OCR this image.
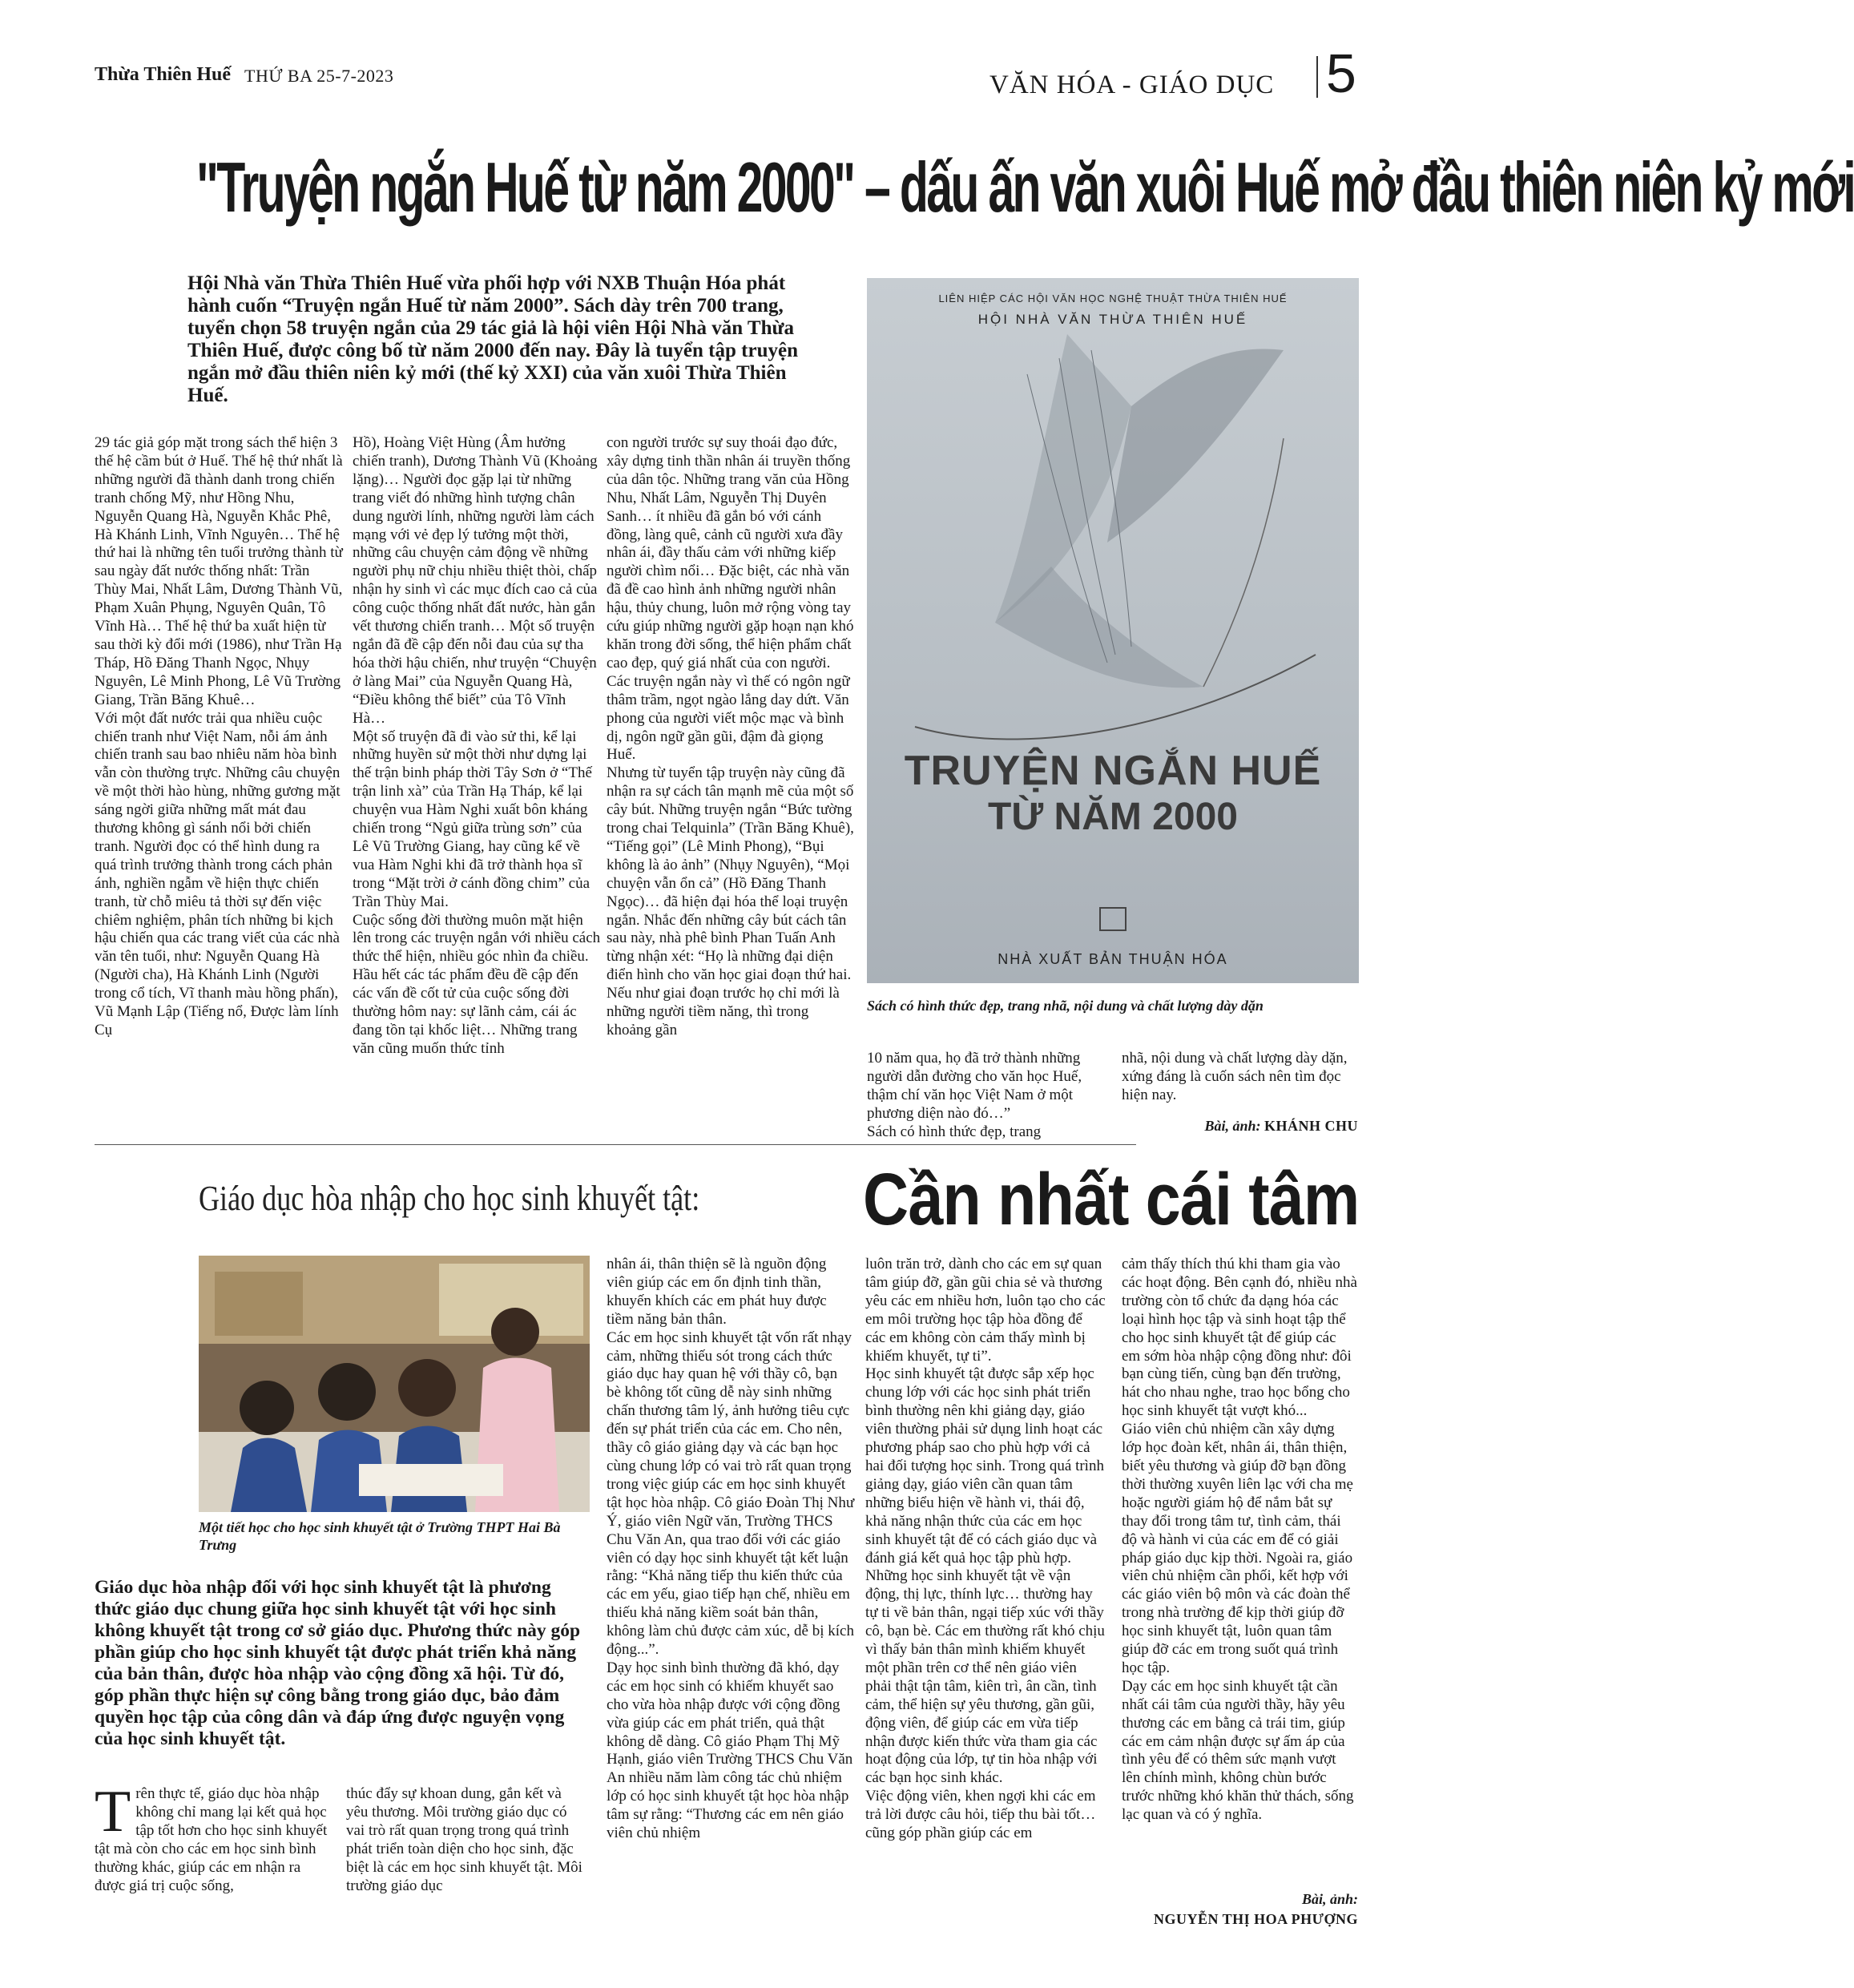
Thừa Thiên Huế THỨ BA 25-7-2023	VĂN HÓA - GIÁO DỤC 5
"Truyện ngắn Huế từ năm 2000" – dấu ấn văn xuôi Huế mở đầu thiên niên kỷ mới
Hội Nhà văn Thừa Thiên Huế vừa phối hợp với NXB Thuận Hóa phát hành cuốn “Truyện ngắn Huế từ năm 2000”. Sách dày trên 700 trang, tuyển chọn 58 truyện ngắn của 29 tác giả là hội viên Hội Nhà văn Thừa Thiên Huế, được công bố từ năm 2000 đến nay. Đây là tuyển tập truyện ngắn mở đầu thiên niên kỷ mới (thế kỷ XXI) của văn xuôi Thừa Thiên Huế.
29 tác giả góp mặt trong sách thể hiện 3 thế hệ cầm bút ở Huế. Thế hệ thứ nhất là những người đã thành danh trong chiến tranh chống Mỹ, như Hồng Nhu, Nguyễn Quang Hà, Nguyễn Khắc Phê, Hà Khánh Linh, Vĩnh Nguyên… Thế hệ thứ hai là những tên tuổi trưởng thành từ sau ngày đất nước thống nhất: Trần Thùy Mai, Nhất Lâm, Dương Thành Vũ, Phạm Xuân Phụng, Nguyên Quân, Tô Vĩnh Hà… Thế hệ thứ ba xuất hiện từ sau thời kỳ đổi mới (1986), như Trần Hạ Tháp, Hồ Đăng Thanh Ngọc, Nhụy Nguyên, Lê Minh Phong, Lê Vũ Trường Giang, Trần Băng Khuê…
Với một đất nước trải qua nhiều cuộc chiến tranh như Việt Nam, nỗi ám ảnh chiến tranh sau bao nhiêu năm hòa bình vẫn còn thường trực. Những câu chuyện về một thời hào hùng, những gương mặt sáng ngời giữa những mất mát đau thương không gì sánh nổi bởi chiến tranh. Người đọc có thể hình dung ra quá trình trưởng thành trong cách phản ánh, nghiền ngẫm về hiện thực chiến tranh, từ chỗ miêu tả thời sự đến việc chiêm nghiệm, phân tích những bi kịch hậu chiến qua các trang viết của các nhà văn tên tuổi, như: Nguyễn Quang Hà (Người cha), Hà Khánh Linh (Người trong cổ tích, Vĩ thanh màu hồng phấn), Vũ Mạnh Lập (Tiếng nổ, Được làm lính Cụ
Hồ), Hoàng Việt Hùng (Âm hưởng chiến tranh), Dương Thành Vũ (Khoảng lặng)… Người đọc gặp lại từ những trang viết đó những hình tượng chân dung người lính, những người làm cách mạng với vẻ đẹp lý tưởng một thời, những câu chuyện cảm động về những người phụ nữ chịu nhiều thiệt thòi, chấp nhận hy sinh vì các mục đích cao cả của công cuộc thống nhất đất nước, hàn gắn vết thương chiến tranh… Một số truyện ngắn đã đề cập đến nỗi đau của sự tha hóa thời hậu chiến, như truyện “Chuyện ở làng Mai” của Nguyễn Quang Hà, “Điều không thể biết” của Tô Vĩnh Hà…
Một số truyện đã đi vào sử thi, kể lại những huyền sử một thời như dựng lại thế trận binh pháp thời Tây Sơn ở “Thế trận linh xà” của Trần Hạ Tháp, kể lại chuyện vua Hàm Nghi xuất bôn kháng chiến trong “Ngủ giữa trùng sơn” của Lê Vũ Trường Giang, hay cũng kể về vua Hàm Nghi khi đã trở thành họa sĩ trong “Mặt trời ở cánh đồng chim” của Trần Thùy Mai.
Cuộc sống đời thường muôn mặt hiện lên trong các truyện ngắn với nhiều cách thức thể hiện, nhiều góc nhìn đa chiều. Hầu hết các tác phẩm đều đề cập đến các vấn đề cốt tử của cuộc sống đời thường hôm nay: sự lãnh cảm, cái ác đang tồn tại khốc liệt… Những trang văn cũng muốn thức tỉnh
con người trước sự suy thoái đạo đức, xây dựng tinh thần nhân ái truyền thống của dân tộc. Những trang văn của Hồng Nhu, Nhất Lâm, Nguyễn Thị Duyên Sanh… ít nhiều đã gắn bó với cánh đồng, làng quê, cảnh cũ người xưa đầy nhân ái, đầy thấu cảm với những kiếp người chìm nổi… Đặc biệt, các nhà văn đã đề cao hình ảnh những người nhân hậu, thủy chung, luôn mở rộng vòng tay cứu giúp những người gặp hoạn nạn khó khăn trong đời sống, thể hiện phẩm chất cao đẹp, quý giá nhất của con người. Các truyện ngắn này vì thế có ngôn ngữ thâm trầm, ngọt ngào lắng day dứt. Văn phong của người viết mộc mạc và bình dị, ngôn ngữ gần gũi, đậm đà giọng Huế.
Nhưng từ tuyển tập truyện này cũng đã nhận ra sự cách tân mạnh mẽ của một số cây bút. Những truyện ngắn “Bức tường trong chai Telquinla” (Trần Băng Khuê), “Tiếng gọi” (Lê Minh Phong), “Bụi không là ảo ảnh” (Nhụy Nguyên), “Mọi chuyện vẫn ổn cả” (Hồ Đăng Thanh Ngọc)… đã hiện đại hóa thể loại truyện ngắn. Nhắc đến những cây bút cách tân sau này, nhà phê bình Phan Tuấn Anh từng nhận xét: “Họ là những đại diện điển hình cho văn học giai đoạn thứ hai. Nếu như giai đoạn trước họ chỉ mới là những người tiềm năng, thì trong khoảng gần
LIÊN HIỆP CÁC HỘI VĂN HỌC NGHỆ THUẬT THỪA THIÊN HUẾ
HỘI NHÀ VĂN THỪA THIÊN HUẾ
TRUYỆN NGẮN HUẾ
TỪ NĂM 2000
NHÀ XUẤT BẢN THUẬN HÓA
Sách có hình thức đẹp, trang nhã, nội dung và chất lượng dày dặn
10 năm qua, họ đã trở thành những người dẫn đường cho văn học Huế, thậm chí văn học Việt Nam ở một phương diện nào đó…”
Sách có hình thức đẹp, trang
nhã, nội dung và chất lượng dày dặn, xứng đáng là cuốn sách nên tìm đọc hiện nay.
Bài, ảnh: KHÁNH CHU
Giáo dục hòa nhập cho học sinh khuyết tật: Cần nhất cái tâm
Một tiết học cho học sinh khuyết tật ở Trường THPT Hai Bà Trưng
Giáo dục hòa nhập đối với học sinh khuyết tật là phương thức giáo dục chung giữa học sinh khuyết tật với học sinh không khuyết tật trong cơ sở giáo dục. Phương thức này góp phần giúp cho học sinh khuyết tật được phát triển khả năng của bản thân, được hòa nhập vào cộng đồng xã hội. Từ đó, góp phần thực hiện sự công bằng trong giáo dục, bảo đảm quyền học tập của công dân và đáp ứng được nguyện vọng của học sinh khuyết tật.
Trên thực tế, giáo dục hòa nhập không chỉ mang lại kết quả học tập tốt hơn cho học sinh khuyết tật mà còn cho các em học sinh bình thường khác, giúp các em nhận ra được giá trị cuộc sống,
thúc đẩy sự khoan dung, gắn kết và yêu thương. Môi trường giáo dục có vai trò rất quan trọng trong quá trình phát triển toàn diện cho học sinh, đặc biệt là các em học sinh khuyết tật. Môi trường giáo dục
nhân ái, thân thiện sẽ là nguồn động viên giúp các em ổn định tinh thần, khuyến khích các em phát huy được tiềm năng bản thân.
Các em học sinh khuyết tật vốn rất nhạy cảm, những thiếu sót trong cách thức giáo dục hay quan hệ với thầy cô, bạn bè không tốt cũng dễ này sinh những chấn thương tâm lý, ảnh hưởng tiêu cực đến sự phát triển của các em. Cho nên, thầy cô giáo giảng dạy và các bạn học cùng chung lớp có vai trò rất quan trọng trong việc giúp các em học sinh khuyết tật học hòa nhập. Cô giáo Đoàn Thị Như Ý, giáo viên Ngữ văn, Trường THCS Chu Văn An, qua trao đổi với các giáo viên có dạy học sinh khuyết tật kết luận rằng: “Khả năng tiếp thu kiến thức của các em yếu, giao tiếp hạn chế, nhiều em thiếu khả năng kiềm soát bản thân, không làm chủ được cảm xúc, dễ bị kích động...”.
Dạy học sinh bình thường đã khó, dạy các em học sinh có khiếm khuyết sao cho vừa hòa nhập được với cộng đồng vừa giúp các em phát triển, quả thật không dễ dàng. Cô giáo Phạm Thị Mỹ Hạnh, giáo viên Trường THCS Chu Văn An nhiều năm làm công tác chủ nhiệm lớp có học sinh khuyết tật học hòa nhập tâm sự rằng: “Thương các em nên giáo viên chủ nhiệm
luôn trăn trở, dành cho các em sự quan tâm giúp đỡ, gần gũi chia sẻ và thương yêu các em nhiều hơn, luôn tạo cho các em môi trường học tập hòa đồng để các em không còn cảm thấy mình bị khiếm khuyết, tự ti”.
Học sinh khuyết tật được sắp xếp học chung lớp với các học sinh phát triển bình thường nên khi giảng dạy, giáo viên thường phải sử dụng linh hoạt các phương pháp sao cho phù hợp với cả hai đối tượng học sinh. Trong quá trình giảng dạy, giáo viên cần quan tâm những biểu hiện về hành vi, thái độ, khả năng nhận thức của các em học sinh khuyết tật để có cách giáo dục và đánh giá kết quả học tập phù hợp. Những học sinh khuyết tật về vận động, thị lực, thính lực… thường hay tự ti về bản thân, ngại tiếp xúc với thầy cô, bạn bè. Các em thường rất khó chịu vì thấy bản thân mình khiếm khuyết một phần trên cơ thể nên giáo viên phải thật tận tâm, kiên trì, ân cần, tình cảm, thể hiện sự yêu thương, gần gũi, động viên, để giúp các em vừa tiếp nhận được kiến thức vừa tham gia các hoạt động của lớp, tự tin hòa nhập với các bạn học sinh khác.
Việc động viên, khen ngợi khi các em trả lời được câu hỏi, tiếp thu bài tốt… cũng góp phần giúp các em
cảm thấy thích thú khi tham gia vào các hoạt động. Bên cạnh đó, nhiều nhà trường còn tổ chức đa dạng hóa các loại hình học tập và sinh hoạt tập thể cho học sinh khuyết tật để giúp các em sớm hòa nhập cộng đồng như: đôi bạn cùng tiến, cùng bạn đến trường, hát cho nhau nghe, trao học bổng cho học sinh khuyết tật vượt khó...
Giáo viên chủ nhiệm cần xây dựng lớp học đoàn kết, nhân ái, thân thiện, biết yêu thương và giúp đỡ bạn đồng thời thường xuyên liên lạc với cha mẹ hoặc người giám hộ để nắm bắt sự thay đổi trong tâm tư, tình cảm, thái độ và hành vi của các em để có giải pháp giáo dục kịp thời. Ngoài ra, giáo viên chủ nhiệm cần phối, kết hợp với các giáo viên bộ môn và các đoàn thể trong nhà trường để kịp thời giúp đỡ học sinh khuyết tật, luôn quan tâm giúp đỡ các em trong suốt quá trình học tập.
Dạy các em học sinh khuyết tật cần nhất cái tâm của người thầy, hãy yêu thương các em bằng cả trái tim, giúp các em cảm nhận được sự ấm áp của tình yêu để có thêm sức mạnh vượt lên chính mình, không chùn bước trước những khó khăn thử thách, sống lạc quan và có ý nghĩa.
Bài, ảnh:
NGUYỄN THỊ HOA PHƯỢNG
